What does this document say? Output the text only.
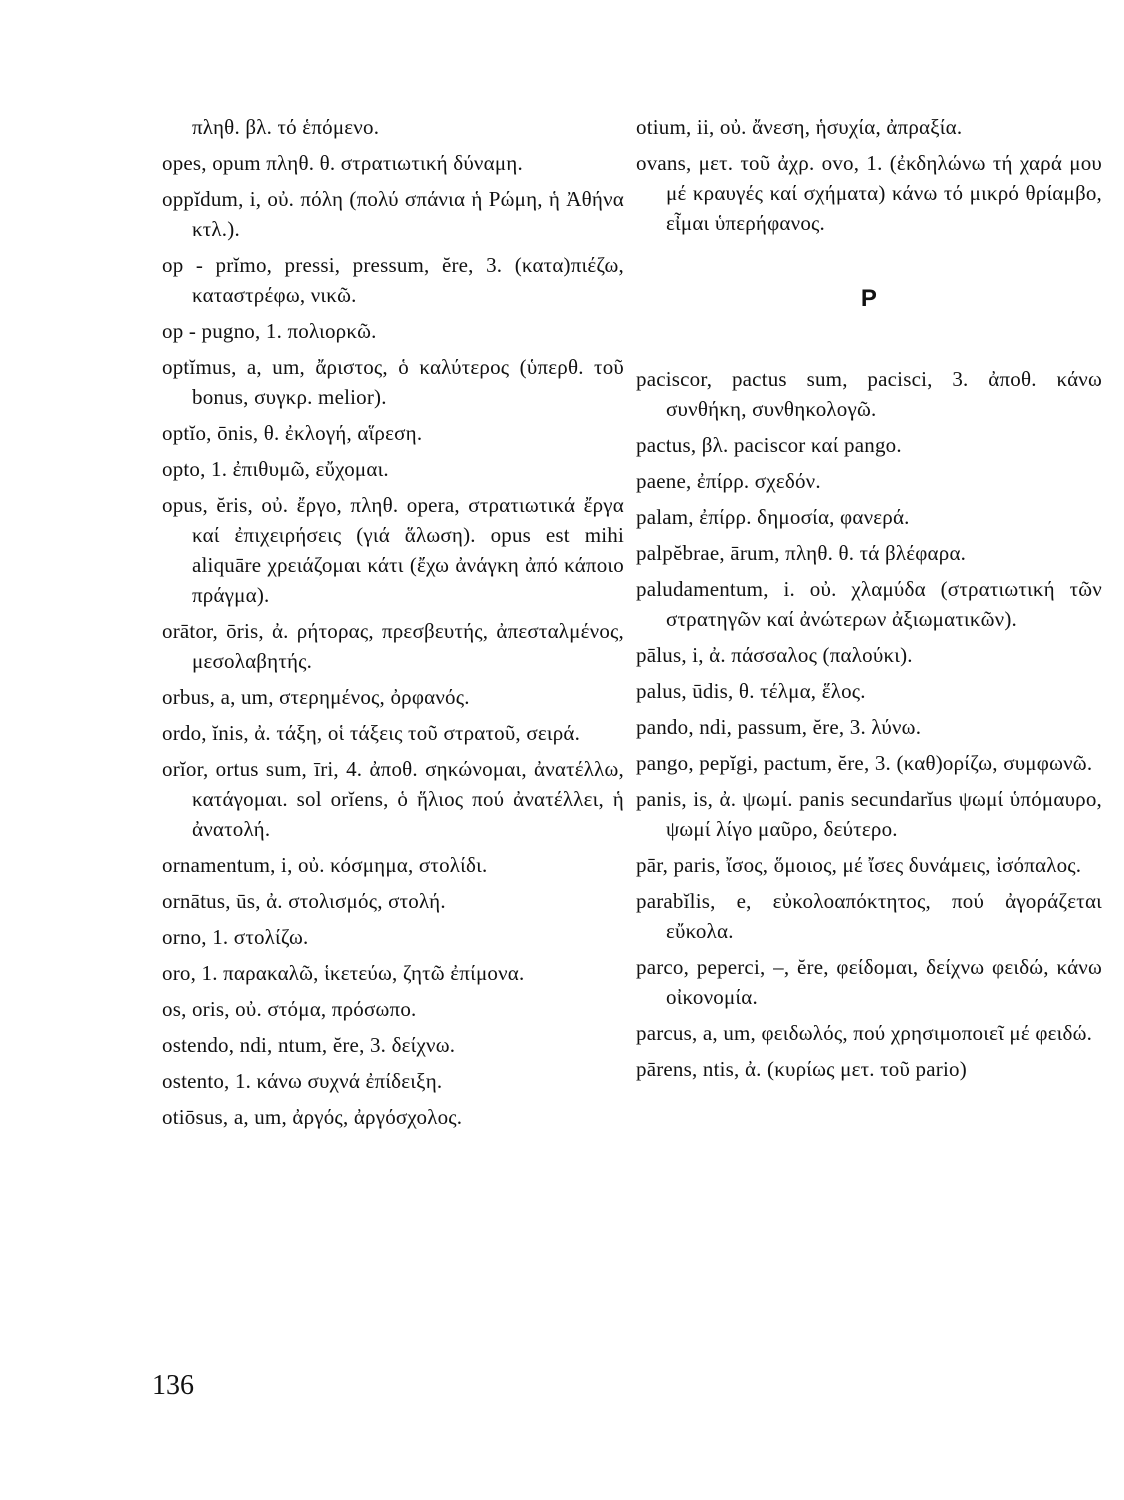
πληθ. βλ. τό ἑπόμενο.

opes, opum πληθ. θ. στρατιωτική δύναμη.

oppĭdum, i, οὐ. πόλη (πολύ σπάνια ἡ Ρώμη, ἡ Ἀθήνα κτλ.).

op - prĭmo, pressi, pressum, ĕre, 3. (κατα)πιέζω, καταστρέφω, νικῶ.

op - pugno, 1. πολιορκῶ.

optĭmus, a, um, ἄριστος, ὁ καλύτερος (ὑπερθ. τοῦ bonus, συγκρ. melior).

optĭo, ōnis, θ. ἐκλογή, αἵρεση.

opto, 1. ἐπιθυμῶ, εὔχομαι.

opus, ĕris, οὐ. ἔργο, πληθ. opera, στρατιωτικά ἔργα καί ἐπιχειρήσεις (γιά ἅλωση). opus est mihi aliquāre χρειάζομαι κάτι (ἔχω ἀνάγκη ἀπό κάποιο πράγμα).

orātor, ōris, ἀ. ρήτορας, πρεσβευτής, ἀπεσταλμένος, μεσολαβητής.

orbus, a, um, στερημένος, ὀρφανός.

ordo, ĭnis, ἀ. τάξη, οἱ τάξεις τοῦ στρατοῦ, σειρά.

orĭor, ortus sum, īri, 4. ἀποθ. σηκώνομαι, ἀνατέλλω, κατάγομαι. sol orĭens, ὁ ἥλιος πού ἀνατέλλει, ἡ ἀνατολή.

ornamentum, i, οὐ. κόσμημα, στολίδι.

ornātus, ūs, ἀ. στολισμός, στολή.

orno, 1. στολίζω.

oro, 1. παρακαλῶ, ἱκετεύω, ζητῶ ἐπίμονα.

os, oris, οὐ. στόμα, πρόσωπο.

ostendo, ndi, ntum, ĕre, 3. δείχνω.

ostento, 1. κάνω συχνά ἐπίδειξη.

otiōsus, a, um, ἀργός, ἀργόσχολος.

otium, ii, οὐ. ἄνεση, ἡσυχία, ἀπραξία.

ovans, μετ. τοῦ ἀχρ. ovo, 1. (ἐκδηλώνω τή χαρά μου μέ κραυγές καί σχήματα) κάνω τό μικρό θρίαμβο, εἶμαι ὑπερήφανος.

P

paciscor, pactus sum, pacisci, 3. ἀποθ. κάνω συνθήκη, συνθηκολογῶ.

pactus, βλ. paciscor καί pango.

paene, ἐπίρρ. σχεδόν.

palam, ἐπίρρ. δημοσία, φανερά.

palpĕbrae, ārum, πληθ. θ. τά βλέφαρα.

paludamentum, i. οὐ. χλαμύδα (στρατιωτική τῶν στρατηγῶν καί ἀνώτερων ἀξιωματικῶν).

pālus, i, ἀ. πάσσαλος (παλούκι).

palus, ūdis, θ. τέλμα, ἕλος.

pando, ndi, passum, ĕre, 3. λύνω.

pango, pepĭgi, pactum, ĕre, 3. (καθ)ορίζω, συμφωνῶ.

panis, is, ἀ. ψωμί. panis secundarĭus ψωμί ὑπόμαυρο, ψωμί λίγο μαῦρο, δεύτερο.

pār, paris, ἴσος, ὅμοιος, μέ ἴσες δυνάμεις, ἰσόπαλος.

parabĭlis, e, εὐκολοαπόκτητος, πού ἀγοράζεται εὔκολα.

parco, peperci, –, ĕre, φείδομαι, δείχνω φειδώ, κάνω οἰκονομία.

parcus, a, um, φειδωλός, πού χρησιμοποιεῖ μέ φειδώ.

pārens, ntis, ἀ. (κυρίως μετ. τοῦ pario)

136
